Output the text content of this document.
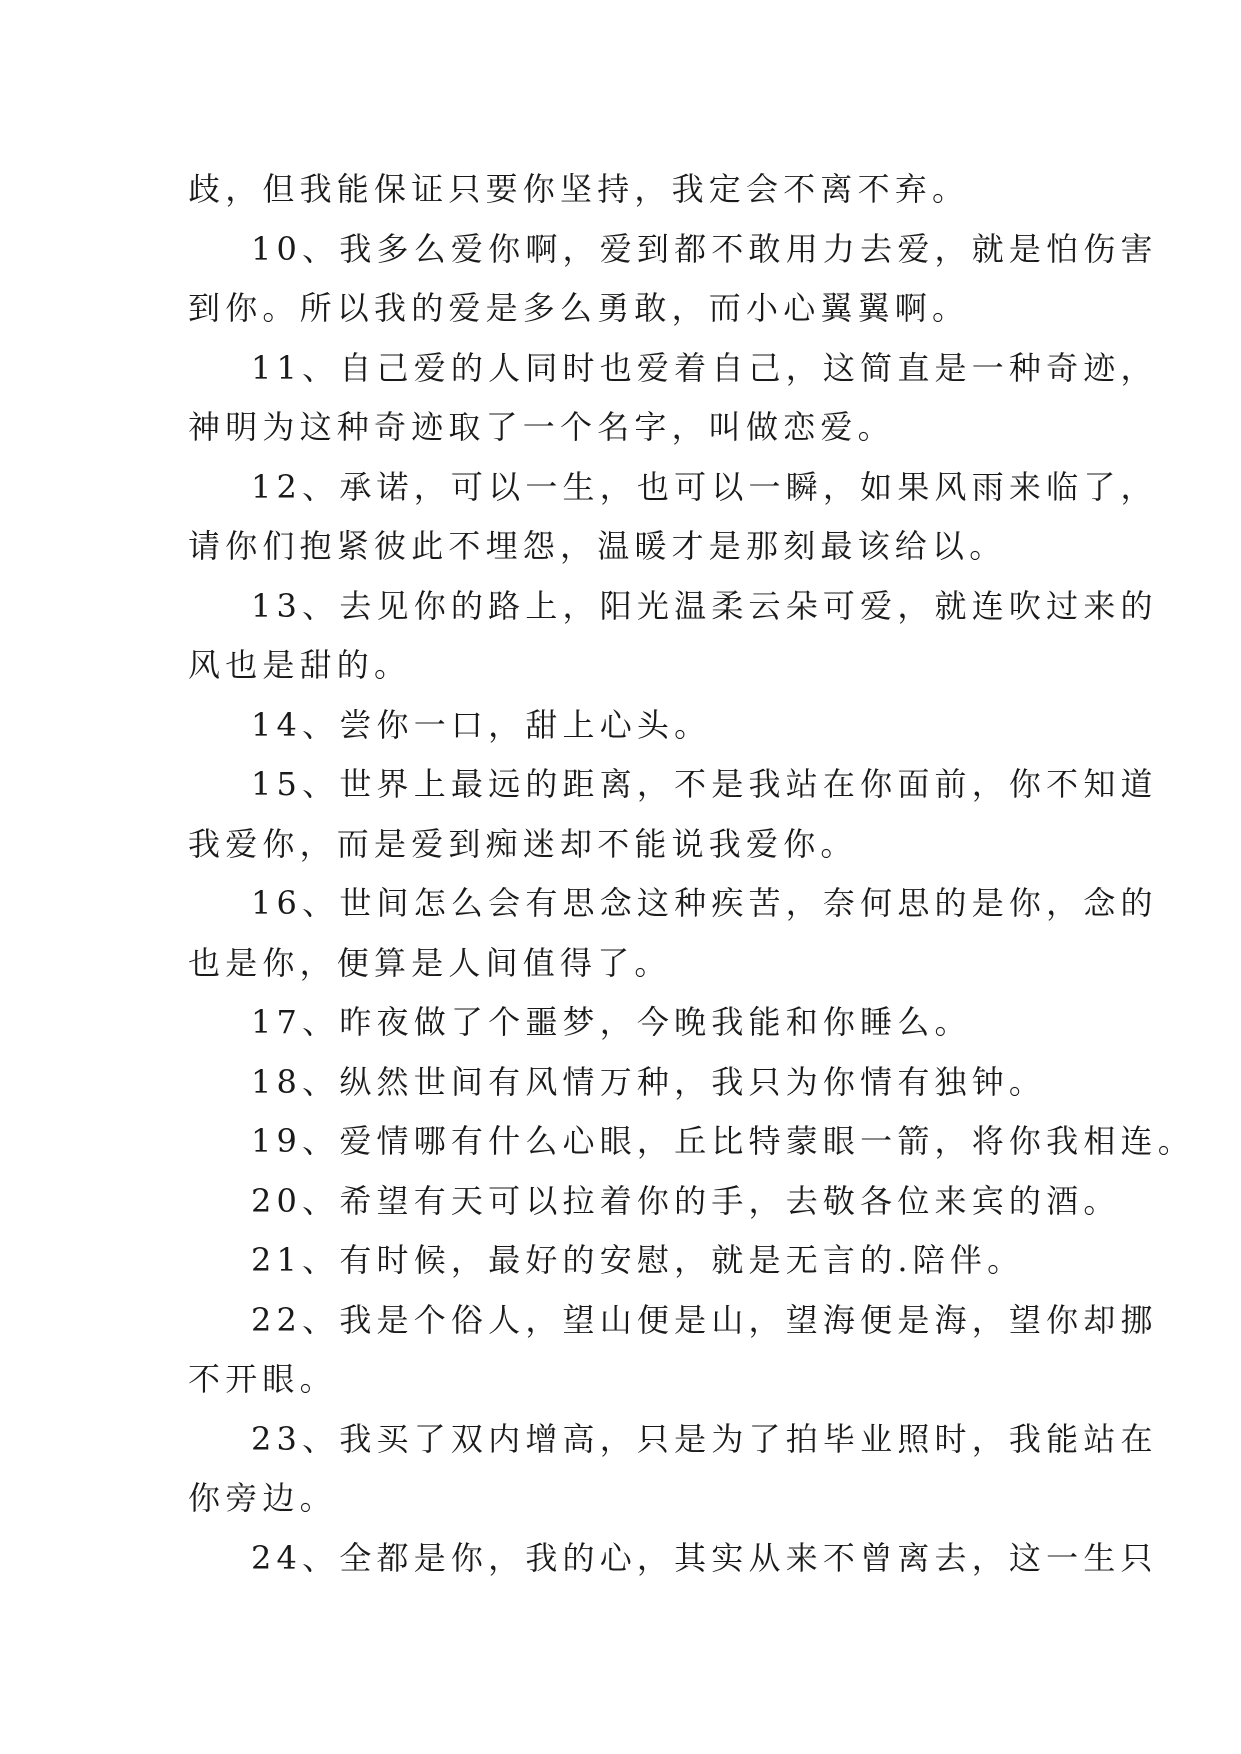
歧，但我能保证只要你坚持，我定会不离不弃。
10、我多么爱你啊，爱到都不敢用力去爱，就是怕伤害
到你。所以我的爱是多么勇敢，而小心翼翼啊。
11、自己爱的人同时也爱着自己，这简直是一种奇迹，
神明为这种奇迹取了一个名字，叫做恋爱。
12、承诺，可以一生，也可以一瞬，如果风雨来临了，
请你们抱紧彼此不埋怨，温暖才是那刻最该给以。
13、去见你的路上，阳光温柔云朵可爱，就连吹过来的
风也是甜的。
14、尝你一口，甜上心头。
15、世界上最远的距离，不是我站在你面前，你不知道
我爱你，而是爱到痴迷却不能说我爱你。
16、世间怎么会有思念这种疾苦，奈何思的是你，念的
也是你，便算是人间值得了。
17、昨夜做了个噩梦，今晚我能和你睡么。
18、纵然世间有风情万种，我只为你情有独钟。
19、爱情哪有什么心眼，丘比特蒙眼一箭，将你我相连。
20、希望有天可以拉着你的手，去敬各位来宾的酒。
21、有时候，最好的安慰，就是无言的.陪伴。
22、我是个俗人，望山便是山，望海便是海，望你却挪
不开眼。
23、我买了双内增高，只是为了拍毕业照时，我能站在
你旁边。
24、全都是你，我的心，其实从来不曾离去，这一生只
